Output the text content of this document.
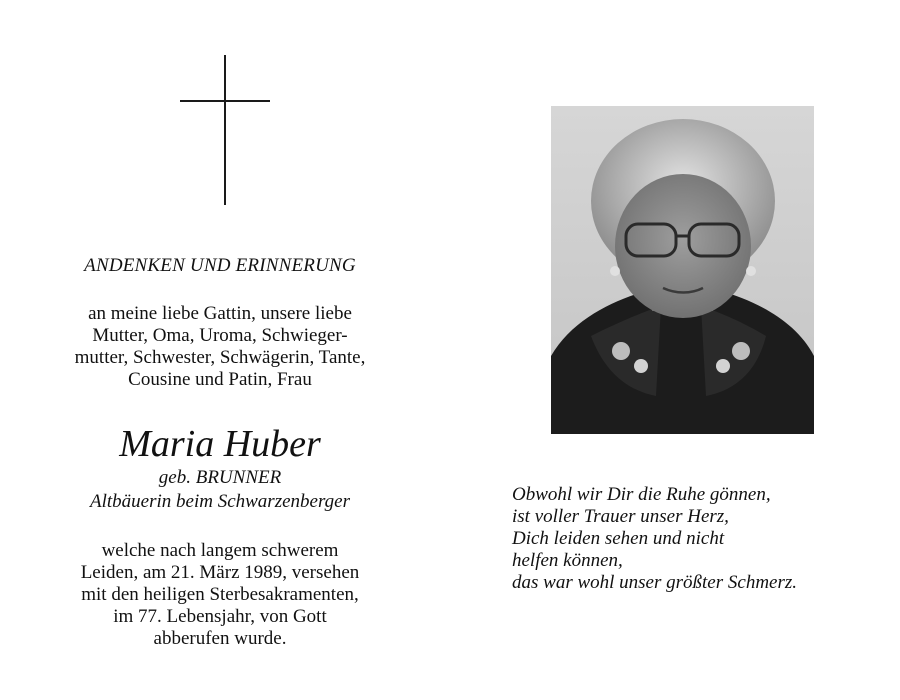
ANDENKEN UND ERINNERUNG
an meine liebe Gattin, unsere liebe
Mutter, Oma, Uroma, Schwieger-
mutter, Schwester, Schwägerin, Tante,
Cousine und Patin, Frau
Maria Huber
geb. BRUNNER
Altbäuerin beim Schwarzenberger
welche nach langem schwerem
Leiden, am 21. März 1989, versehen
mit den heiligen Sterbesakramenten,
im 77. Lebensjahr, von Gott
abberufen wurde.
Obwohl wir Dir die Ruhe gönnen,
ist voller Trauer unser Herz,
Dich leiden sehen und nicht
helfen können,
das war wohl unser größter Schmerz.
